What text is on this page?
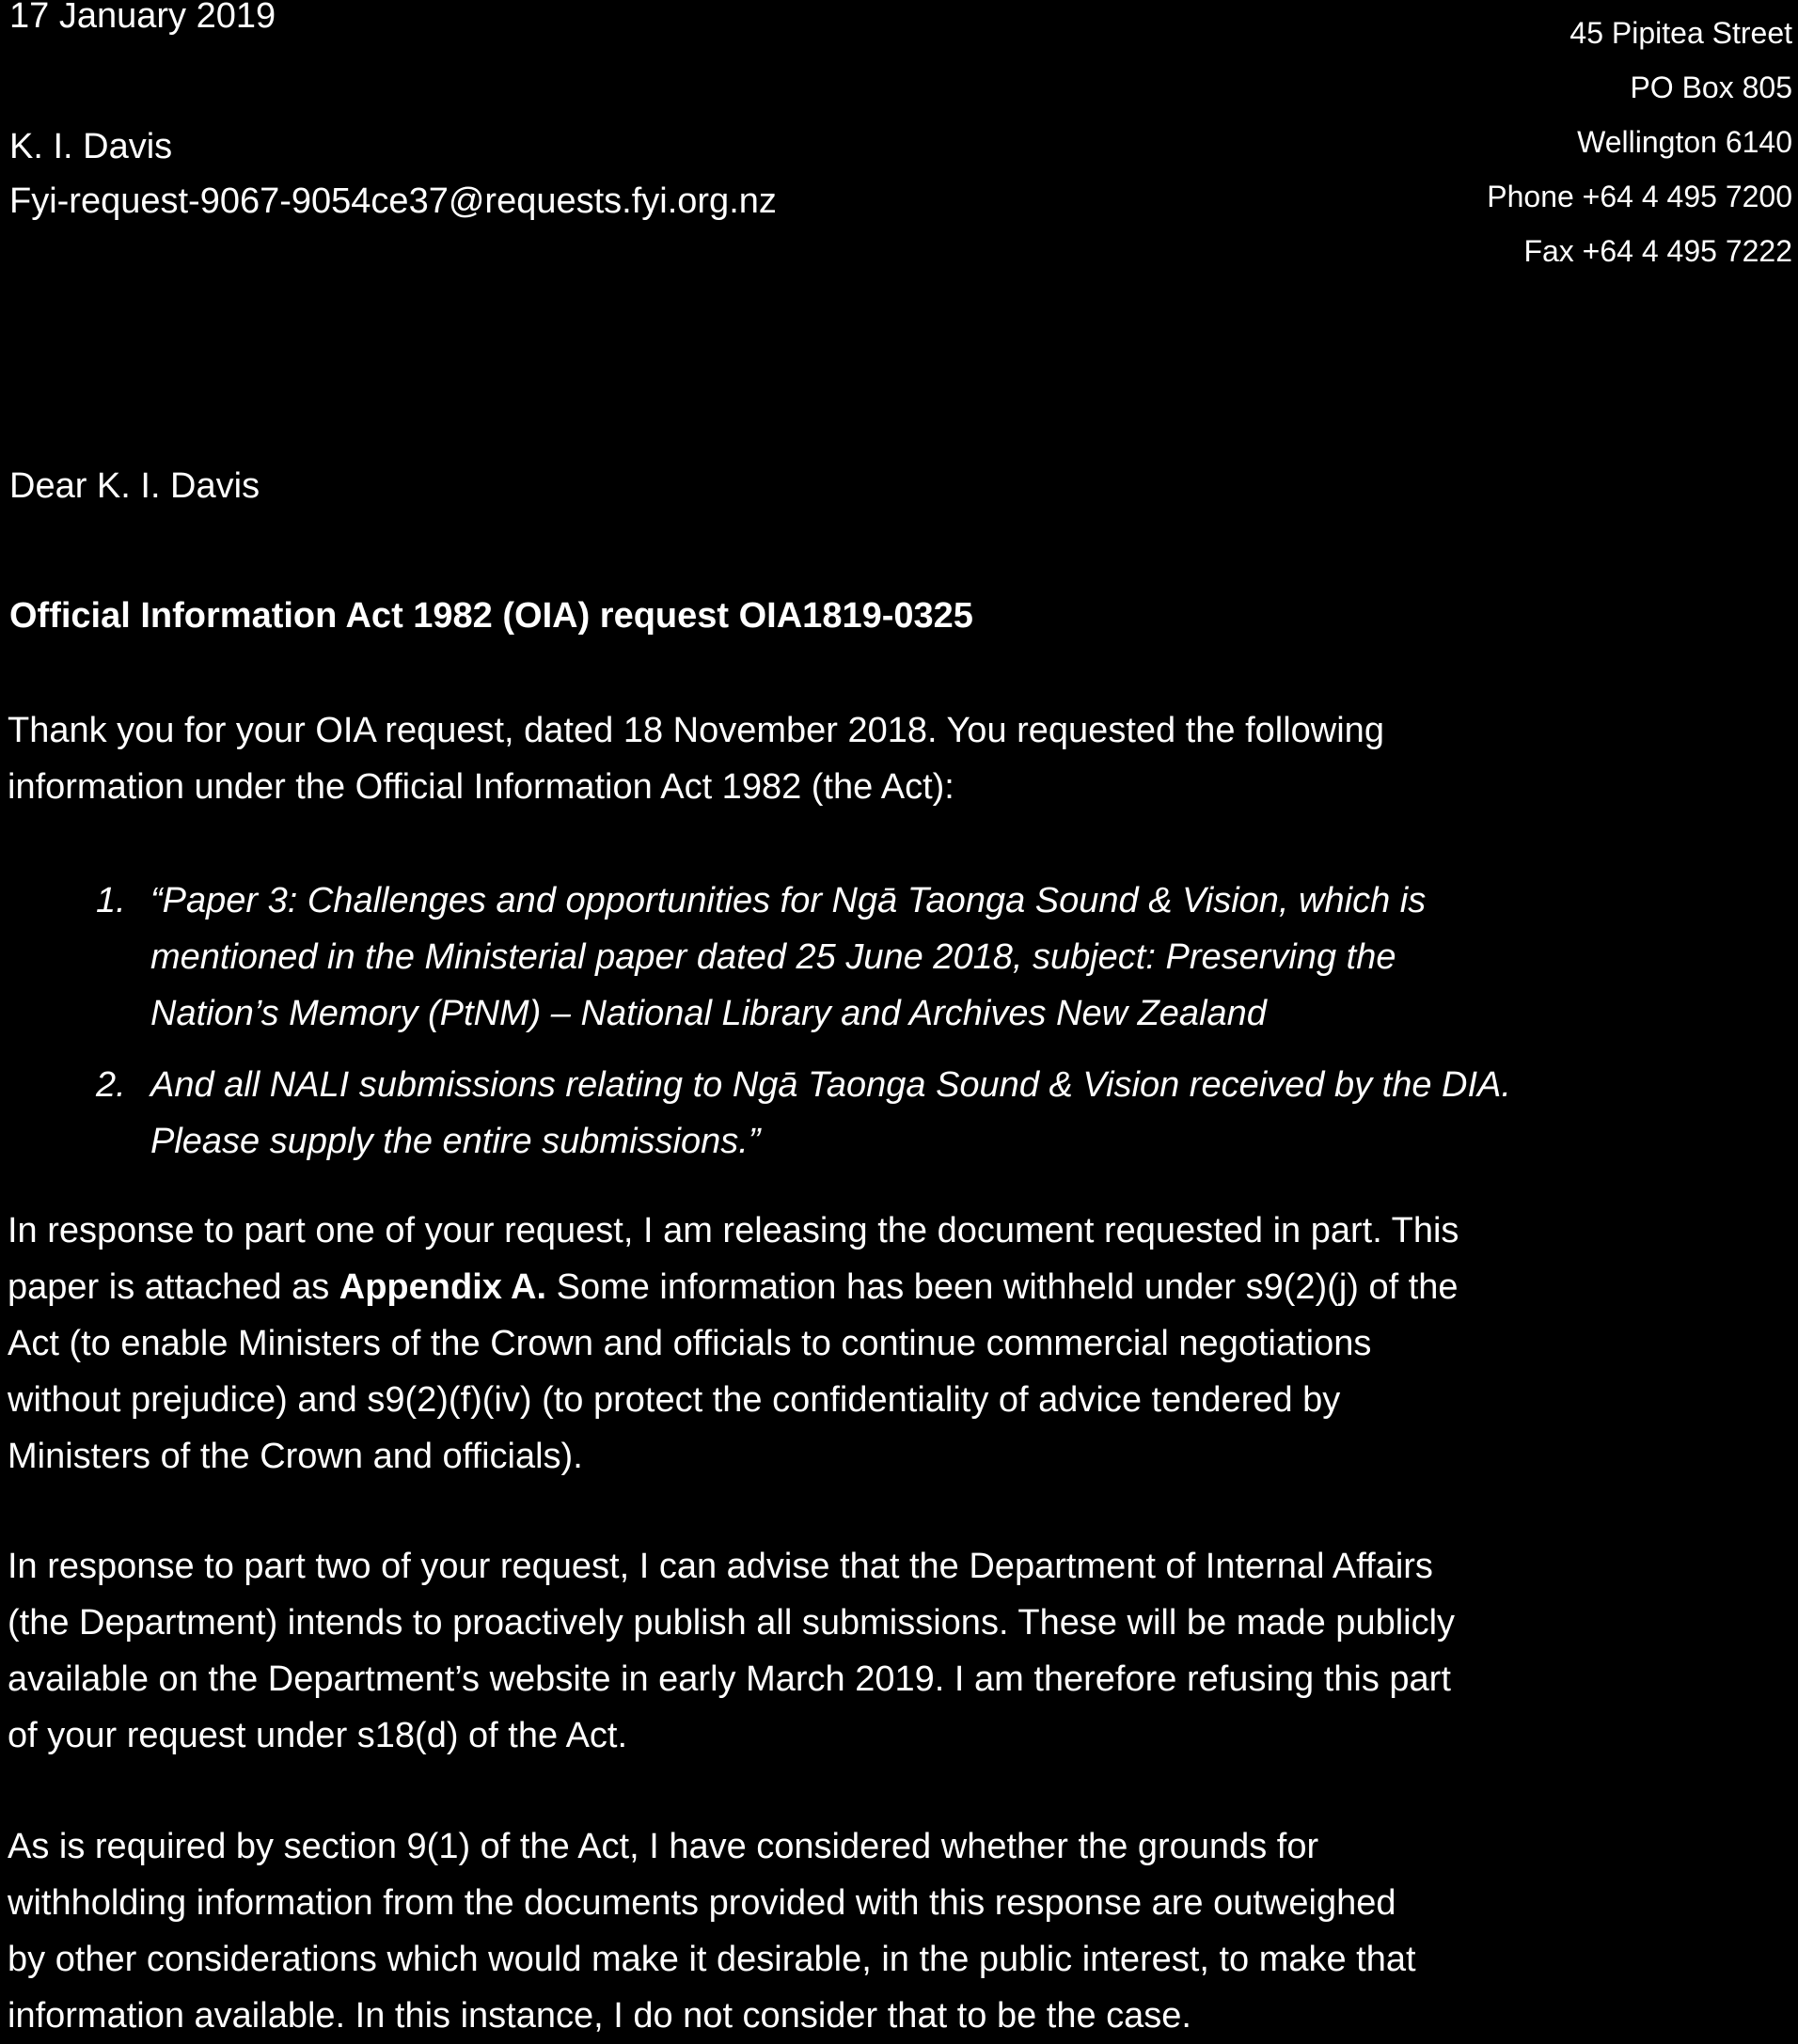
17 January 2019

K. I. Davis
Fyi-request-9067-9054ce37@requests.fyi.org.nz
45 Pipitea Street
PO Box 805
Wellington 6140
Phone +64 4 495 7200
Fax +64 4 495 7222

Dear K. I. Davis

Official Information Act 1982 (OIA) request OIA1819-0325

Thank you for your OIA request, dated 18 November 2018. You requested the following
information under the Official Information Act 1982 (the Act):

1. “Paper 3: Challenges and opportunities for Ngā Taonga Sound & Vision, which is
mentioned in the Ministerial paper dated 25 June 2018, subject: Preserving the
Nation’s Memory (PtNM) – National Library and Archives New Zealand
2. And all NALI submissions relating to Ngā Taonga Sound & Vision received by the DIA.
Please supply the entire submissions.”

In response to part one of your request, I am releasing the document requested in part. This
paper is attached as Appendix A. Some information has been withheld under s9(2)(j) of the
Act (to enable Ministers of the Crown and officials to continue commercial negotiations
without prejudice) and s9(2)(f)(iv) (to protect the confidentiality of advice tendered by
Ministers of the Crown and officials).

In response to part two of your request, I can advise that the Department of Internal Affairs
(the Department) intends to proactively publish all submissions. These will be made publicly
available on the Department’s website in early March 2019. I am therefore refusing this part
of your request under s18(d) of the Act.

As is required by section 9(1) of the Act, I have considered whether the grounds for
withholding information from the documents provided with this response are outweighed
by other considerations which would make it desirable, in the public interest, to make that
information available. In this instance, I do not consider that to be the case.
